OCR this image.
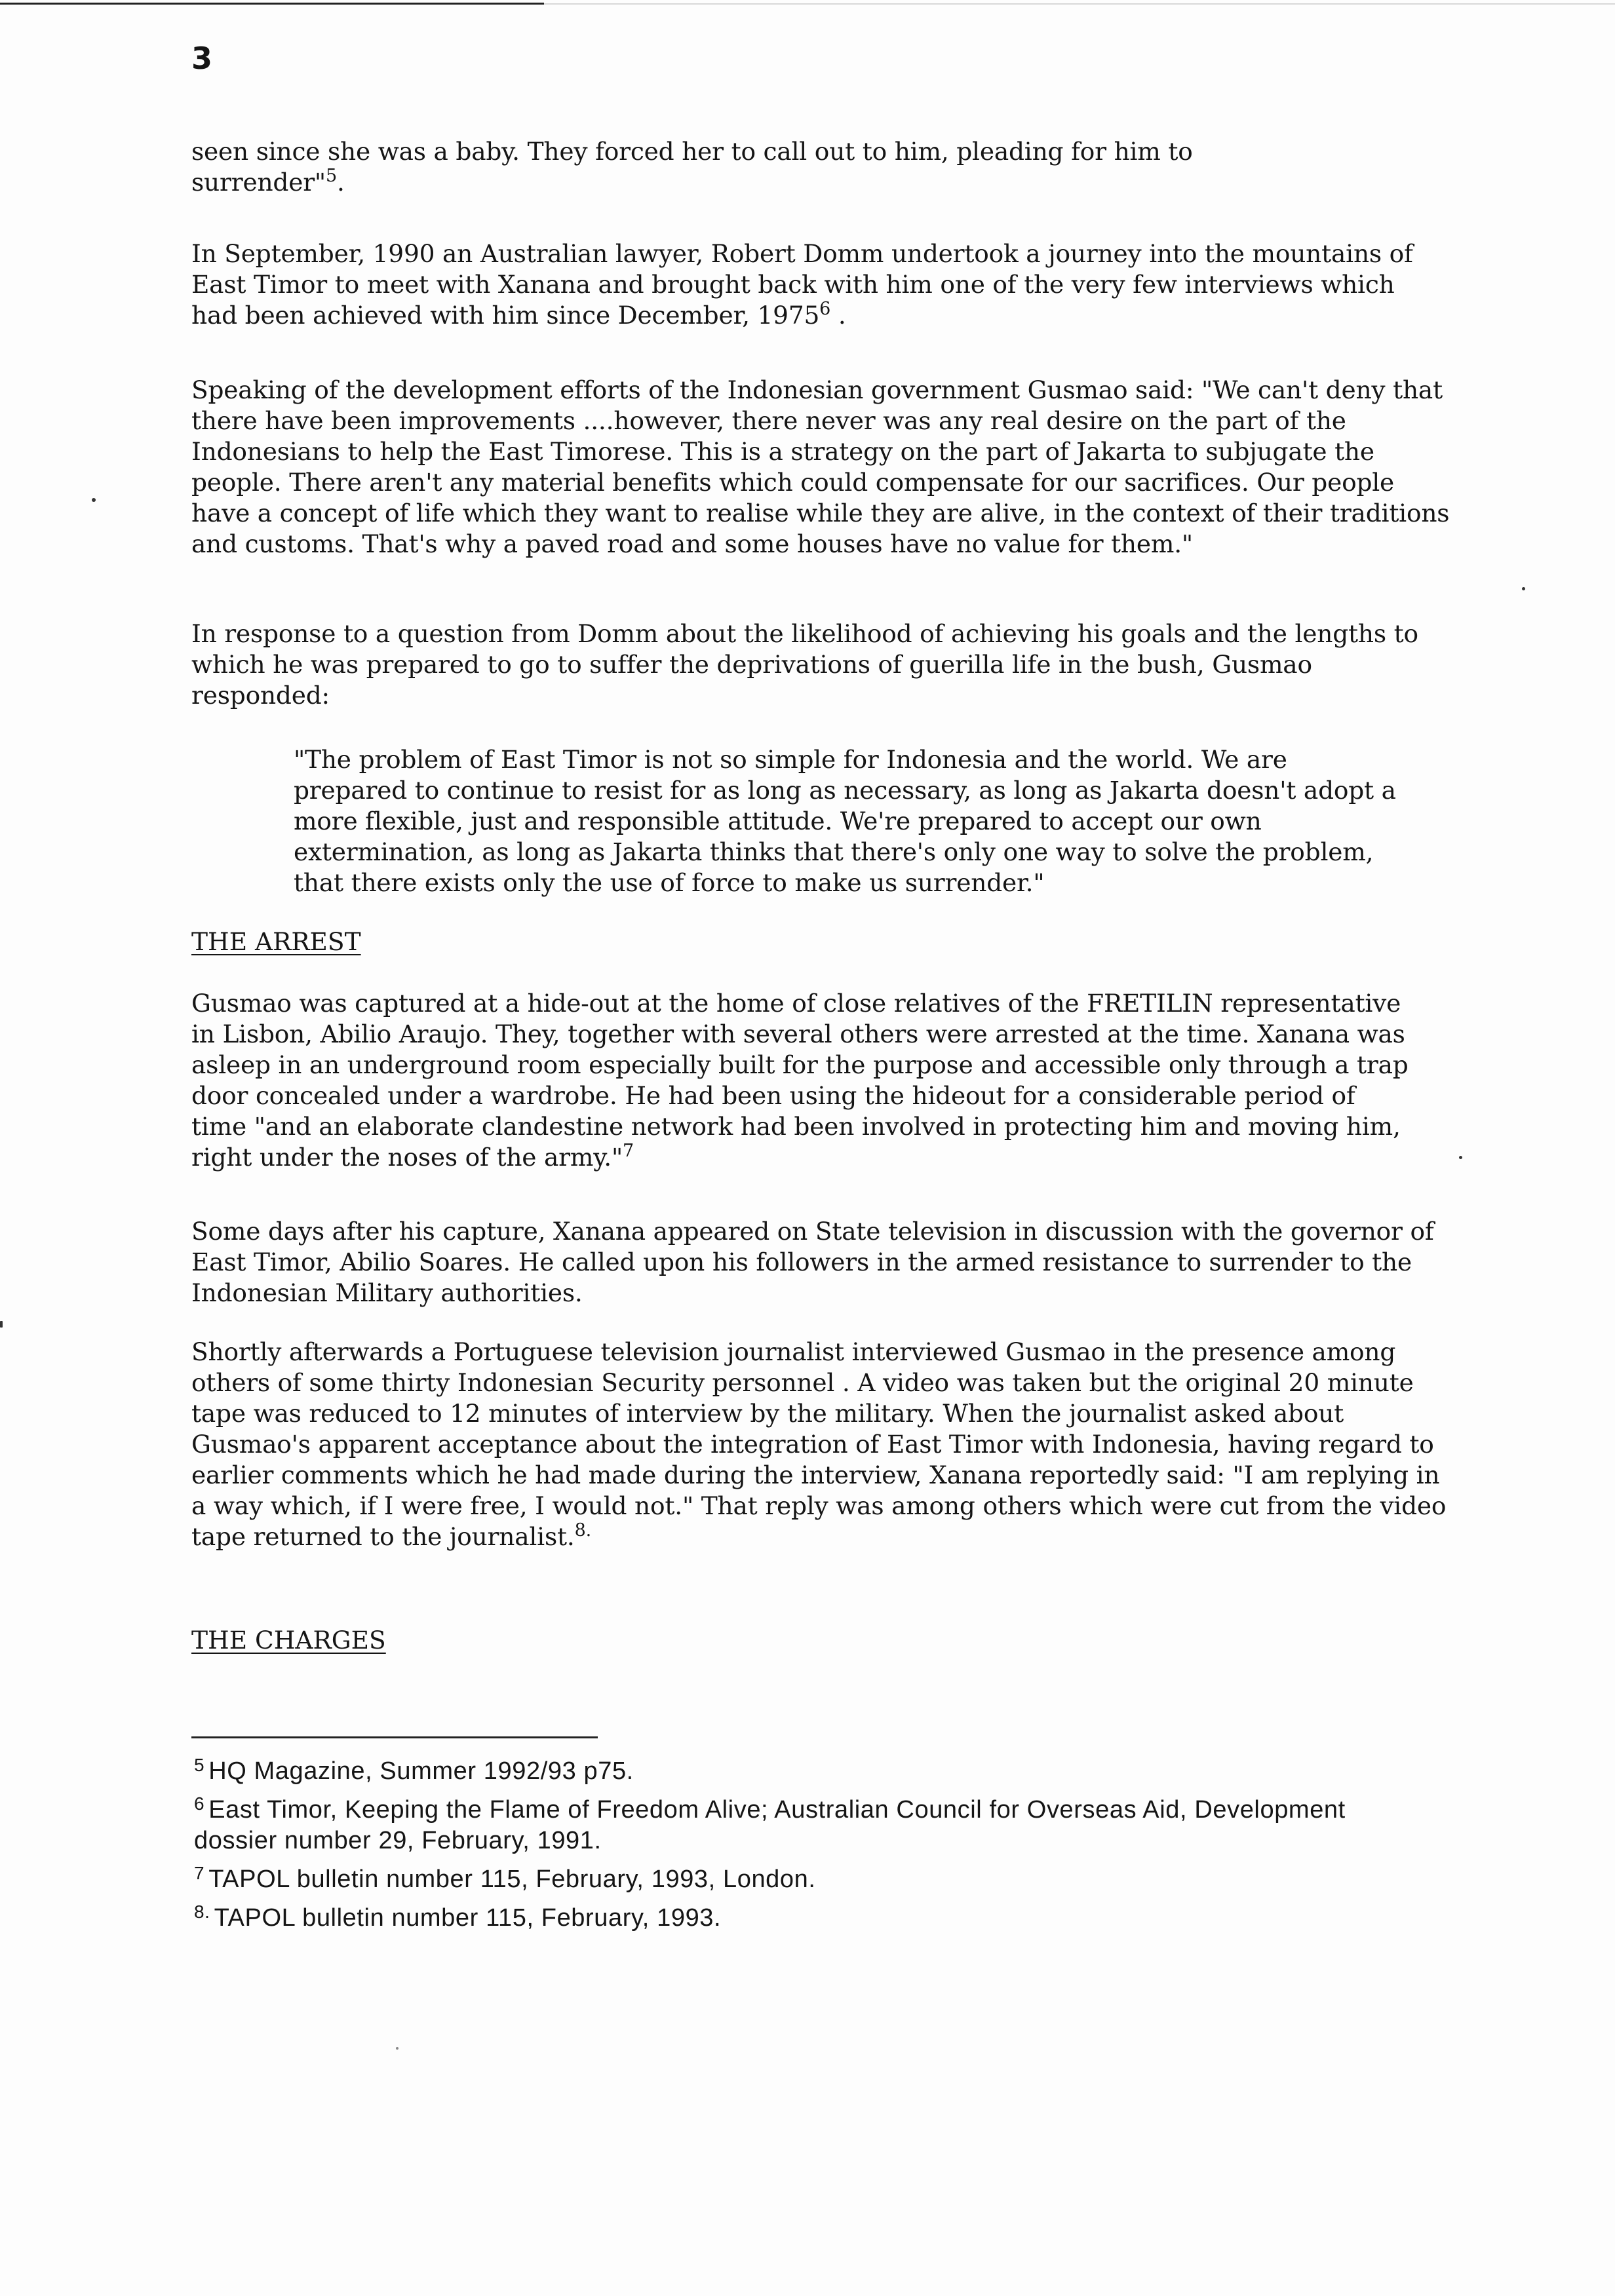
3

seen since she was a baby. They forced her to call out to him, pleading for him to surrender"$^5$.

In September, 1990 an Australian lawyer, Robert Domm undertook a journey into the mountains of East Timor to meet with Xanana and brought back with him one of the very few interviews which had been achieved with him since December, 1975$^6$ .

Speaking of the development efforts of the Indonesian government Gusmao said: "We can't deny that there have been improvements ....however, there never was any real desire on the part of the Indonesians to help the East Timorese. This is a strategy on the part of Jakarta to subjugate the people. There aren't any material benefits which could compensate for our sacrifices. Our people have a concept of life which they want to realise while they are alive, in the context of their traditions and customs. That's why a paved road and some houses have no value for them."

In response to a question from Domm about the likelihood of achieving his goals and the lengths to which he was prepared to go to suffer the deprivations of guerilla life in the bush, Gusmao responded:

"The problem of East Timor is not so simple for Indonesia and the world. We are prepared to continue to resist for as long as necessary, as long as Jakarta doesn't adopt a more flexible, just and responsible attitude. We're prepared to accept our own extermination, as long as Jakarta thinks that there's only one way to solve the problem, that there exists only the use of force to make us surrender."

THE ARREST

Gusmao was captured at a hide-out at the home of close relatives of the FRETILIN representative in Lisbon, Abilio Araujo. They, together with several others were arrested at the time. Xanana was asleep in an underground room especially built for the purpose and accessible only through a trap door concealed under a wardrobe. He had been using the hideout for a considerable period of time "and an elaborate clandestine network had been involved in protecting him and moving him, right under the noses of the army."$^7$

Some days after his capture, Xanana appeared on State television in discussion with the governor of East Timor, Abilio Soares. He called upon his followers in the armed resistance to surrender to the Indonesian Military authorities.

Shortly afterwards a Portuguese television journalist interviewed Gusmao in the presence among others of some thirty Indonesian Security personnel . A video was taken but the original 20 minute tape was reduced to 12 minutes of interview by the military. When the journalist asked about Gusmao's apparent acceptance about the integration of East Timor with Indonesia, having regard to earlier comments which he had made during the interview, Xanana reportedly said: "I am replying in a way which, if I were free, I would not." That reply was among others which were cut from the video tape returned to the journalist.$^{8.}$

THE CHARGES

$^5$ HQ Magazine, Summer 1992/93 p75.

$^6$ East Timor, Keeping the Flame of Freedom Alive; Australian Council for Overseas Aid, Development dossier number 29, February, 1991.

$^7$ TAPOL bulletin number 115, February, 1993, London.

$^{8.}$ TAPOL bulletin number 115, February, 1993.
